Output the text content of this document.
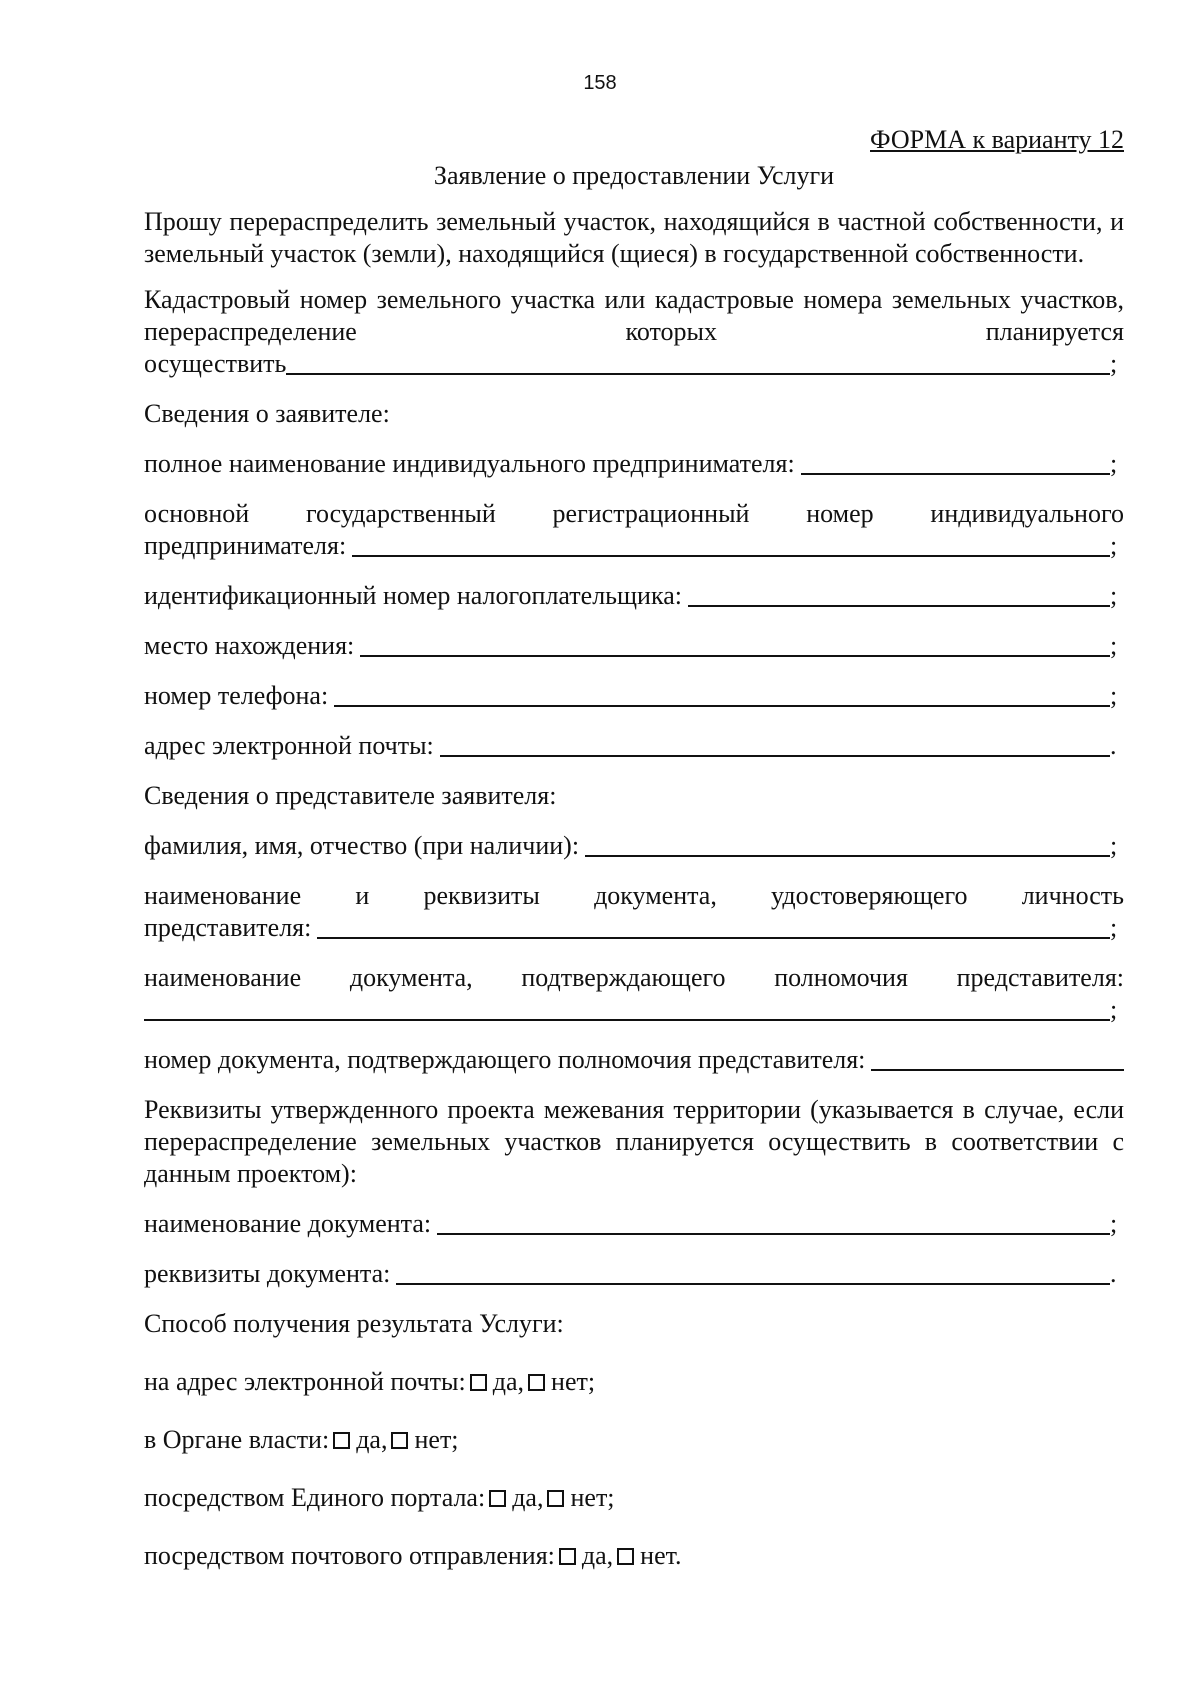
158

ФОРМА к варианту 12

Заявление о предоставлении Услуги

Прошу перераспределить земельный участок, находящийся в частной собственности, и земельный участок (земли), находящийся (щиеся) в государственной собственности.

Кадастровый номер земельного участка или кадастровые номера земельных участков, перераспределение которых планируется

осуществить	;

Сведения о заявителе:

полное наименование индивидуального предпринимателя:	;

основной государственный регистрационный номер индивидуального

предпринимателя:	;
идентификационный номер налогоплательщика:	;
место нахождения:	;
номер телефона:	;
адрес электронной почты:	.

Сведения о представителе заявителя:

фамилия, имя, отчество (при наличии):	;

наименование и реквизиты документа, удостоверяющего личность

представителя:	;

наименование документа, подтверждающего полномочия представителя:

;
номер документа, подтверждающего полномочия представителя:

Реквизиты утвержденного проекта межевания территории (указывается в случае, если перераспределение земельных участков планируется осуществить в соответствии с данным проектом):

наименование документа:	;
реквизиты документа:	.

Способ получения результата Услуги:

на адрес электронной почты: да, нет;

в Органе власти: да, нет;

посредством Единого портала: да, нет;

посредством почтового отправления: да, нет.
